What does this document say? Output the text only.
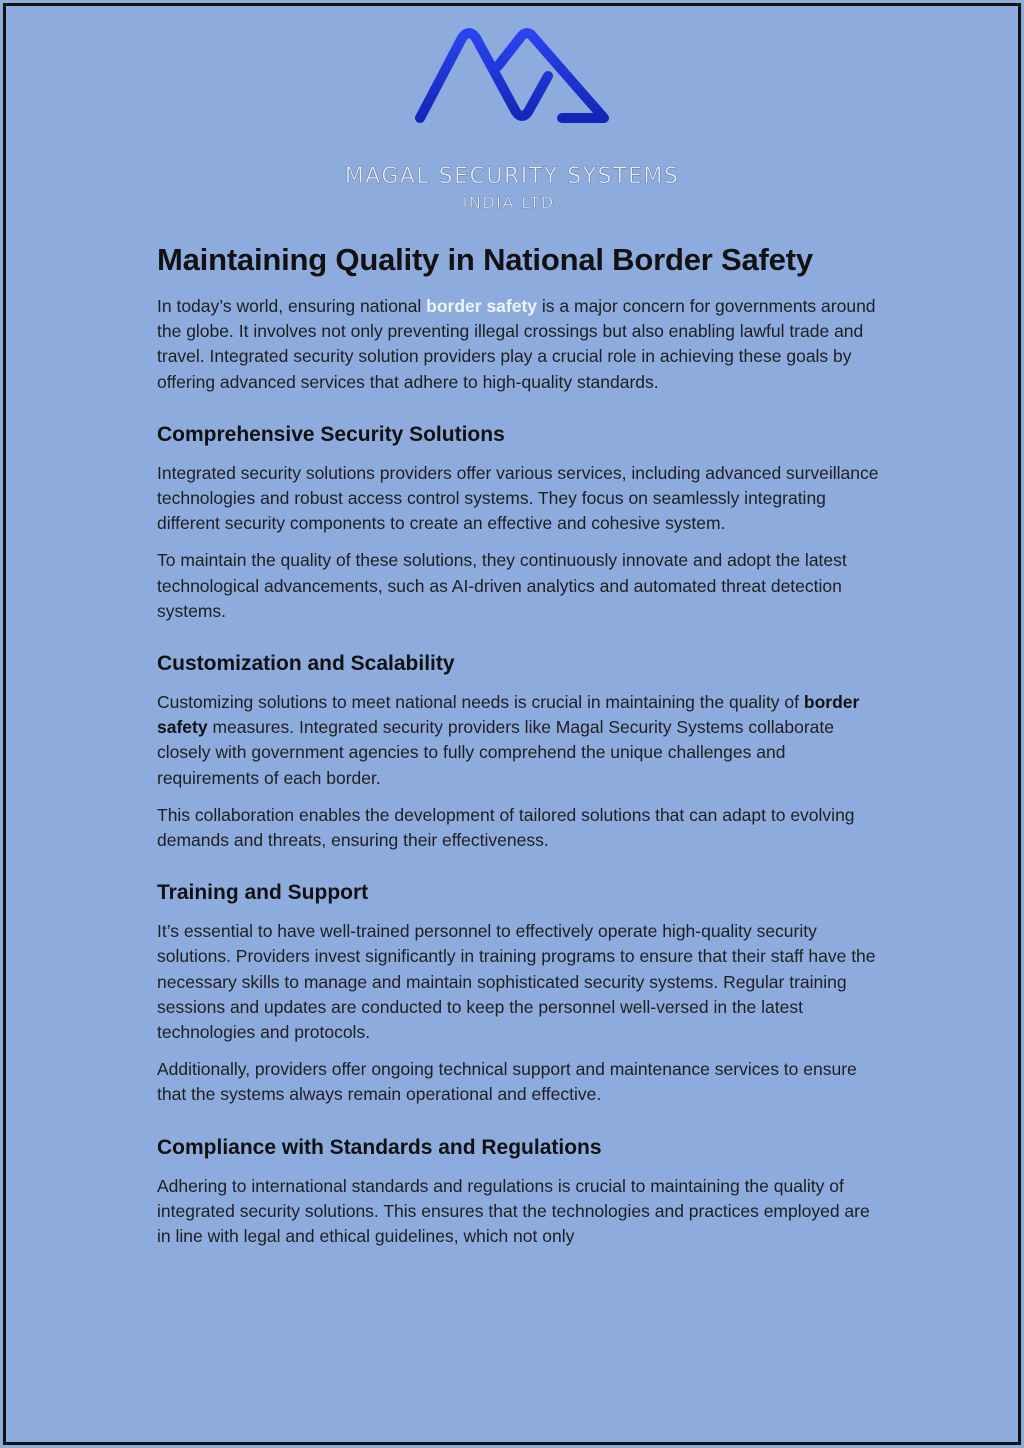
MAGAL SECURITY SYSTEMS
INDIA LTD.
Maintaining Quality in National Border Safety

In today’s world, ensuring national border safety is a major concern for governments around the globe. It involves not only preventing illegal crossings but also enabling lawful trade and travel. Integrated security solution providers play a crucial role in achieving these goals by offering advanced services that adhere to high-quality standards.

Comprehensive Security Solutions

Integrated security solutions providers offer various services, including advanced surveillance technologies and robust access control systems. They focus on seamlessly integrating different security components to create an effective and cohesive system.

To maintain the quality of these solutions, they continuously innovate and adopt the latest technological advancements, such as AI-driven analytics and automated threat detection systems.

Customization and Scalability

Customizing solutions to meet national needs is crucial in maintaining the quality of border safety measures. Integrated security providers like Magal Security Systems collaborate closely with government agencies to fully comprehend the unique challenges and requirements of each border.

This collaboration enables the development of tailored solutions that can adapt to evolving demands and threats, ensuring their effectiveness.

Training and Support

It’s essential to have well-trained personnel to effectively operate high-quality security solutions. Providers invest significantly in training programs to ensure that their staff have the necessary skills to manage and maintain sophisticated security systems. Regular training sessions and updates are conducted to keep the personnel well-versed in the latest technologies and protocols.

Additionally, providers offer ongoing technical support and maintenance services to ensure that the systems always remain operational and effective.

Compliance with Standards and Regulations

Adhering to international standards and regulations is crucial to maintaining the quality of integrated security solutions. This ensures that the technologies and practices employed are in line with legal and ethical guidelines, which not only
